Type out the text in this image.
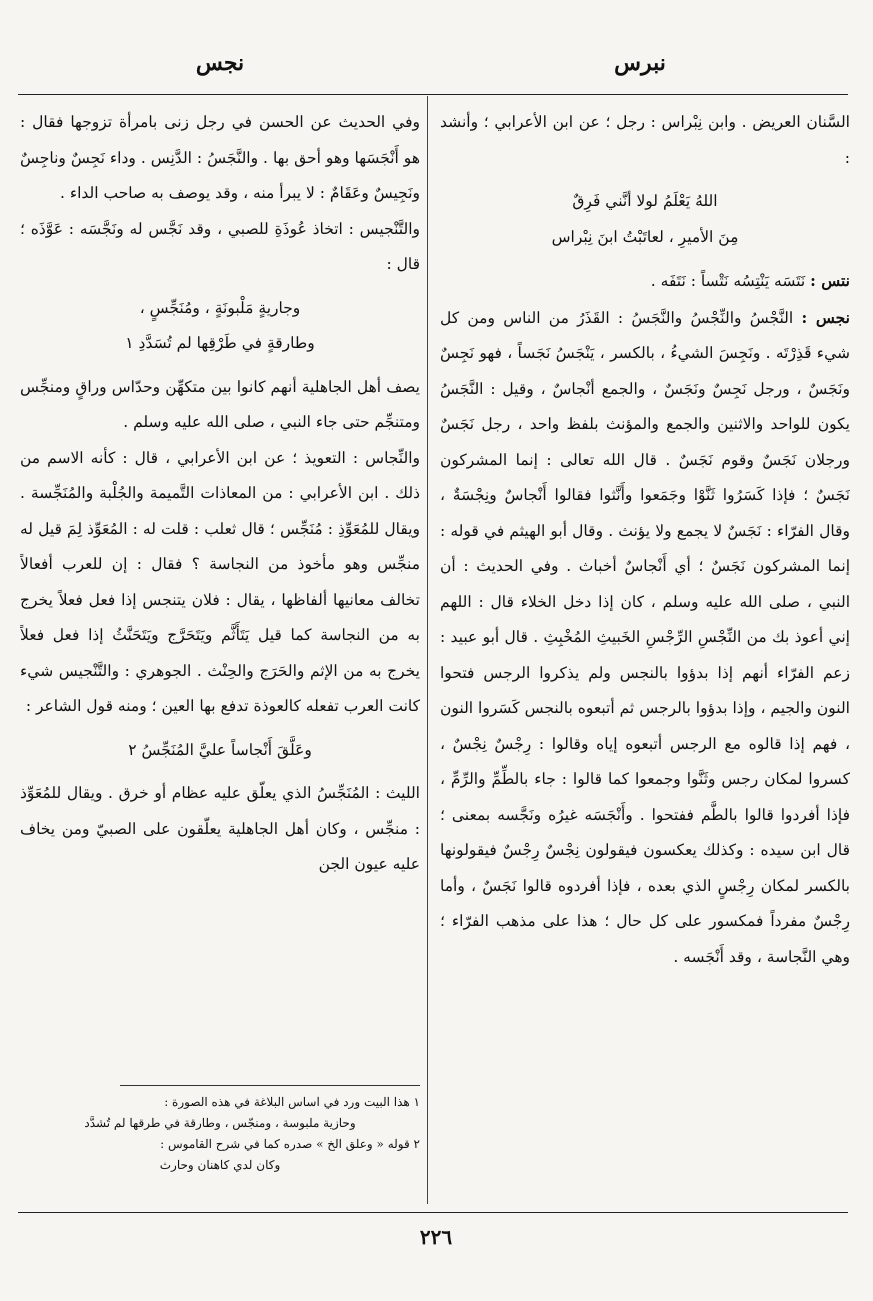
نبرس
نجس

السَّنان العريض . وابن نِبْراس : رجل ؛ عن ابن الأعرابي ؛ وأنشد :

اللهُ يَعْلَمُ لولا أنَّني فَرِقٌ
مِنَ الأميرِ ، لعاتَبْتُ ابنَ نِبْراس

نتس : نَتَسَه يَنْتِسُه نَتْساً : نَتَفَه .

نجس : النَّجْسُ والنِّجْسُ والنَّجَسُ : القَذَرُ من الناس ومن كل شيء قَذِرْتَه . ونَجِسَ الشيءُ ، بالكسر ، يَنْجَسُ نَجَساً ، فهو نَجِسٌ ونَجَسٌ ، ورجل نَجِسٌ ونَجَسٌ ، والجمع أنْجاسٌ ، وقيل : النَّجَسُ يكون للواحد والاثنين والجمع والمؤنث بلفظ واحد ، رجل نَجَسٌ ورجلان نَجَسٌ وقوم نَجَسٌ . قال الله تعالى : إنما المشركون نَجَسٌ ؛ فإذا كَسَرُوا ثَنَّوْا وجَمَعوا وأَنَّثوا فقالوا أَنْجاسٌ ونِجْسَةٌ ، وقال الفرّاء : نَجَسٌ لا يجمع ولا يؤنث . وقال أبو الهيثم في قوله : إنما المشركون نَجَسٌ ؛ أي أَنْجاسٌ أخباث . وفي الحديث : أن النبي ، صلى الله عليه وسلم ، كان إذا دخل الخلاء قال : اللهم إني أعوذ بك من النِّجْسِ الرِّجْسِ الخَبيثِ المُخْبِثِ . قال أبو عبيد : زعم الفرّاء أنهم إذا بدؤوا بالنجس ولم يذكروا الرجس فتحوا النون والجيم ، وإذا بدؤوا بالرجس ثم أتبعوه بالنجس كَسَروا النون ، فهم إذا قالوه مع الرجس أتبعوه إياه وقالوا : رِجْسٌ نِجْسٌ ، كسروا لمكان رجس وثَنَّوا وجمعوا كما قالوا : جاء بالطِّمِّ والرِّمِّ ، فإذا أفردوا قالوا بالطَّم ففتحوا . وأَنْجَسَه غيرُه ونَجَّسه بمعنى ؛ قال ابن سيده : وكذلك يعكسون فيقولون نِجْسٌ رِجْسٌ فيقولونها بالكسر لمكان رِجْسٍ الذي بعده ، فإذا أفردوه قالوا نَجَسٌ ، وأما رِجْسٌ مفرداً فمكسور على كل حال ؛ هذا على مذهب الفرّاء ؛ وهي النَّجاسة ، وقد أَنْجَسه .

وفي الحديث عن الحسن في رجل زنى بامرأة تزوجها فقال : هو أَنْجَسَها وهو أحق بها . والنَّجَسُ : الدَّنِس . وداء نَجِسٌ وناجِسٌ ونَجِيسٌ وعَقَامٌ : لا يبرأ منه ، وقد يوصف به صاحب الداء .

والتَّنْجيس : اتخاذ عُوذَةِ للصبي ، وقد نَجَّس له ونَجَّسَه : عَوَّذَه ؛ قال :

وجاريةٍ مَلْبونَةٍ ، ومُنَجِّسٍ ،
وطارقةٍ في طَرْقِها لم تُسَدَّدِ ١

يصف أهل الجاهلية أنهم كانوا بين متكهِّن وحدّاس وراقٍ ومنجِّس ومتنجِّم حتى جاء النبي ، صلى الله عليه وسلم .

والنِّجاس : التعويذ ؛ عن ابن الأعرابي ، قال : كأنه الاسم من ذلك . ابن الأعرابي : من المعاذات التَّميمة والجُلْبة والمُنَجِّسة . ويقال للمُعَوِّذِ : مُنَجِّس ؛ قال ثعلب : قلت له : المُعَوِّذ لِمَ قيل له منجِّس وهو مأخوذ من النجاسة ؟ فقال : إن للعرب أفعالاً تخالف معانيها ألفاظها ، يقال : فلان يتنجس إذا فعل فعلاً يخرج به من النجاسة كما قيل يَتَأَثَّم ويَتَحَرَّج ويَتَحَنَّثُ إذا فعل فعلاً يخرج به من الإثم والحَرَج والحِنْث . الجوهري : والتَّنْجيس شيء كانت العرب تفعله كالعوذة تدفع بها العين ؛ ومنه قول الشاعر :

وعَلَّقَ أَنْجاساً عليَّ المُنَجِّسُ ٢

الليث : المُنَجِّسُ الذي يعلّق عليه عظام أو خرق . ويقال للمُعَوِّذ : منجِّس ، وكان أهل الجاهلية يعلّقون على الصبيّ ومن يخاف عليه عيون الجن

١ هذا البيت ورد في اساس البلاغة في هذه الصورة :

وحازية ملبوسة ، ومنجّس ، وطارقة في طرقها لم تُشدَّد

٢ قوله « وعلق الخ » صدره كما في شرح القاموس :

وكان لدي كاهنان وحارث

٢٢٦
